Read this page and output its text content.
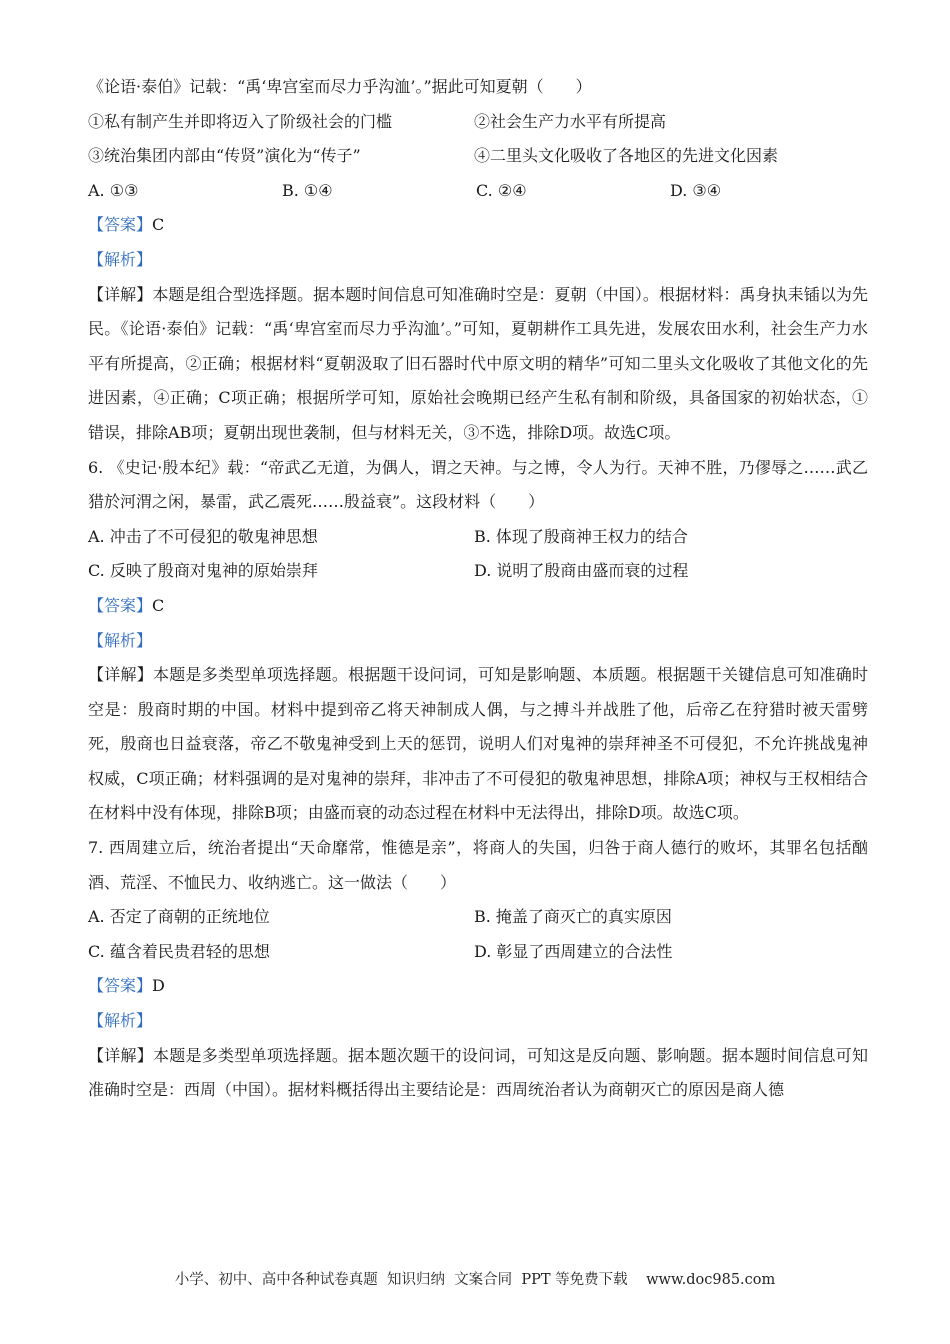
《论语·泰伯》记载：“禹‘卑宫室而尽力乎沟洫’。”据此可知夏朝（　　）
①私有制产生并即将迈入了阶级社会的门槛	②社会生产力水平有所提高
③统治集团内部由“传贤”演化为“传子”	④二里头文化吸收了各地区的先进文化因素
A. ①③	B. ①④	C. ②④	D. ③④
【答案】C
【解析】
【详解】本题是组合型选择题。据本题时间信息可知准确时空是：夏朝（中国）。根据材料：禹身执耒锸以为先民。《论语·泰伯》记载：“禹‘卑宫室而尽力乎沟洫’。”可知，夏朝耕作工具先进，发展农田水利，社会生产力水平有所提高，②正确；根据材料“夏朝汲取了旧石器时代中原文明的精华”可知二里头文化吸收了其他文化的先进因素，④正确；C项正确；根据所学可知，原始社会晚期已经产生私有制和阶级，具备国家的初始状态，①错误，排除AB项；夏朝出现世袭制，但与材料无关，③不选，排除D项。故选C项。
6. 《史记·殷本纪》载：“帝武乙无道，为偶人，谓之天神。与之博，令人为行。天神不胜，乃僇辱之……武乙猎於河渭之闲，暴雷，武乙震死……殷益衰”。这段材料（　　）
A. 冲击了不可侵犯的敬鬼神思想	B. 体现了殷商神王权力的结合
C. 反映了殷商对鬼神的原始崇拜	D. 说明了殷商由盛而衰的过程
【答案】C
【解析】
【详解】本题是多类型单项选择题。根据题干设问词，可知是影响题、本质题。根据题干关键信息可知准确时空是：殷商时期的中国。材料中提到帝乙将天神制成人偶，与之搏斗并战胜了他，后帝乙在狩猎时被天雷劈死，殷商也日益衰落，帝乙不敬鬼神受到上天的惩罚，说明人们对鬼神的崇拜神圣不可侵犯，不允许挑战鬼神权威，C项正确；材料强调的是对鬼神的崇拜，非冲击了不可侵犯的敬鬼神思想，排除A项；神权与王权相结合在材料中没有体现，排除B项；由盛而衰的动态过程在材料中无法得出，排除D项。故选C项。
7. 西周建立后，统治者提出“天命靡常，惟德是亲”，将商人的失国，归咎于商人德行的败坏，其罪名包括酗酒、荒淫、不恤民力、收纳逃亡。这一做法（　　）
A. 否定了商朝的正统地位	B. 掩盖了商灭亡的真实原因
C. 蕴含着民贵君轻的思想	D. 彰显了西周建立的合法性
【答案】D
【解析】
【详解】本题是多类型单项选择题。据本题次题干的设问词，可知这是反向题、影响题。据本题时间信息可知准确时空是：西周（中国）。据材料概括得出主要结论是：西周统治者认为商朝灭亡的原因是商人德
小学、初中、高中各种试卷真题  知识归纳  文案合同  PPT 等免费下载 www.doc985.com
